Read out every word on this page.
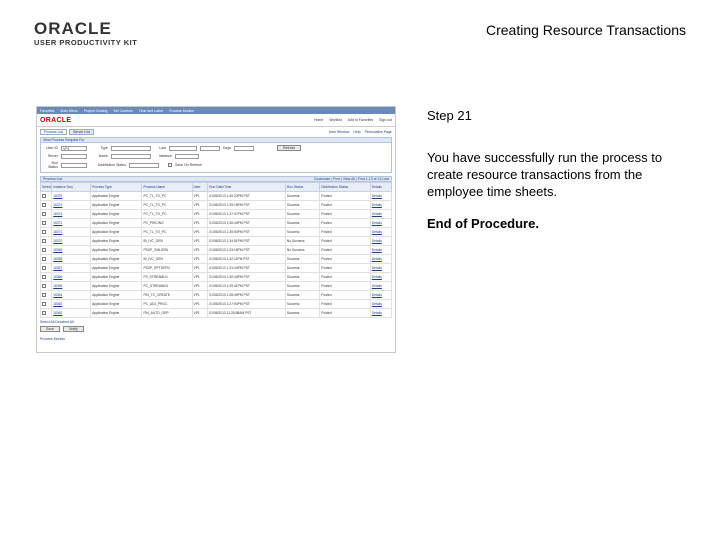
ORACLE
USER PRODUCTIVITY KIT
Creating Resource Transactions
Favorites Main Menu Project Costing Set Controls Time and Labor Process Monitor
ORACLE	Home Worklist Add to Favorites Sign out
Process List	Server List	New Window Help Personalize Page
View Process Request For
User ID	VP1	Type	Last	Days	Refresh
Server	Name	Instance
Run Status	Distribution Status	Save On Refresh
Process List	Customize | Find | View All | First 1-13 of 13 Last
Select	Instance Seq.	Process Type	Process Name	User	Run Date/Time	Run Status	Distribution Status	Details
	18375	Application Engine	PC_TL_TO_PC	VP1	01/05/2013 1:40:23PM PST	Success	Posted	Details
	18374	Application Engine	PC_TL_TO_PC	VP1	01/05/2013 1:39:18PM PST	Success	Posted	Details
	18373	Application Engine	PC_TL_TO_PC	VP1	01/05/2013 1:37:47PM PST	Success	Posted	Details
	18372	Application Engine	PC_PRICING	VP1	01/05/2013 1:36:43PM PST	Success	Posted	Details
	18371	Application Engine	PC_TL_TO_PC	VP1	01/05/2013 1:35:53PM PST	Success	Posted	Details
	18370	Application Engine	BI_IVC_GEN	VP1	01/05/2013 1:34:51PM PST	No Success	Posted	Details
	18369	Application Engine	PSXP_XMLGEN	VP1	01/05/2013 1:33:18PM PST	No Success	Posted	Details
	18368	Application Engine	BI_IVC_GEN	VP1	01/05/2013 1:32:11PM PST	Success	Posted	Details
	18367	Application Engine	PSXP_RPTDEFN	VP1	01/05/2013 1:31:44PM PST	Success	Posted	Details
	18366	Application Engine	FS_STREAMLN	VP1	01/05/2013 1:30:44PM PST	Success	Posted	Details
	18365	Application Engine	PC_STREAMLN	VP1	01/05/2013 1:29:41PM PST	Success	Posted	Details
	18364	Application Engine	FIN_TC_CREATE	VP1	01/05/2013 1:28:49PM PST	Success	Posted	Details
	18363	Application Engine	PC_ADJ_PROC	VP1	01/05/2013 1:27:54PM PST	Success	Posted	Details
	18362	Application Engine	FIN_AUTO_GRP	VP1	01/05/2013 11:25:58AM PST	Success	Posted	Details
Select All Deselect All
Save	Notify
Process Monitor
Step 21
You have successfully run the process to create resource transactions from the employee time sheets.
End of Procedure.
